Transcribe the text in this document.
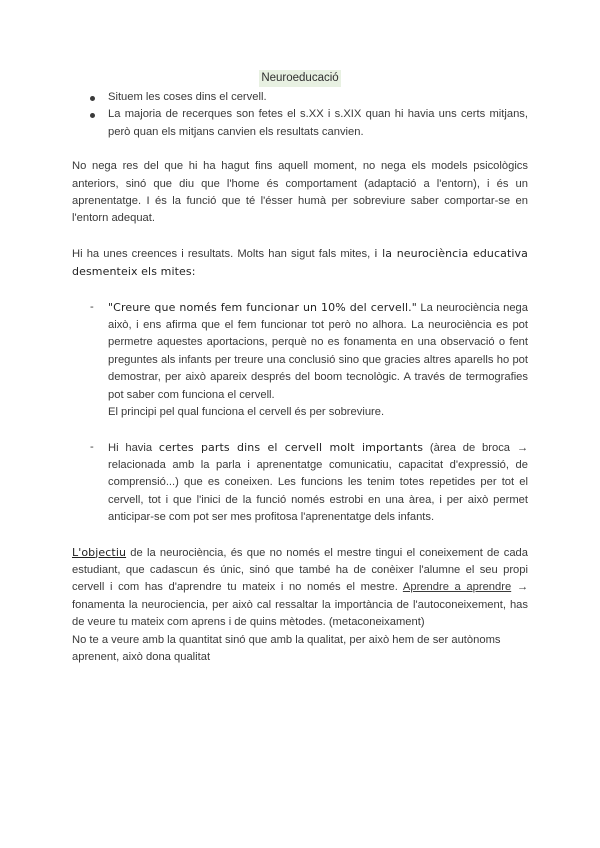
Neuroeducació
Situem les coses dins el cervell.
La majoria de recerques son fetes el s.XX i s.XIX quan hi havia uns certs mitjans, però quan els mitjans canvien els resultats canvien.

No nega res del que hi ha hagut fins aquell moment, no nega els models psicològics anteriors, sinó que diu que l'home és comportament (adaptació a l'entorn), i és un aprenentatge. I és la funció que té l'ésser humà per sobreviure saber comportar-se en l'entorn adequat.

Hi ha unes creences i resultats. Molts han sigut fals mites, i la neurociència educativa desmenteix els mites:

- "Creure que només fem funcionar un 10% del cervell." La neurociència nega això, i ens afirma que el fem funcionar tot però no alhora. La neurociència es pot permetre aquestes aportacions, perquè no es fonamenta en una observació o fent preguntes als infants per treure una conclusió sino que gracies altres aparells ho pot demostrar, per això apareix després del boom tecnològic. A través de termografies pot saber com funciona el cervell.
El principi pel qual funciona el cervell és per sobreviure.
- Hi havia certes parts dins el cervell molt importants (àrea de broca → relacionada amb la parla i aprenentatge comunicatiu, capacitat d'expressió, de comprensió...) que es coneixen. Les funcions les tenim totes repetides per tot el cervell, tot i que l'inici de la funció només estrobi en una àrea, i per això permet anticipar-se com pot ser mes profitosa l'aprenentatge dels infants.

L'objectiu de la neurociència, és que no només el mestre tingui el coneixement de cada estudiant, que cadascun és únic, sinó que també ha de conèixer l'alumne el seu propi cervell i com has d'aprendre tu mateix i no només el mestre. Aprendre a aprendre → fonamenta la neurociencia, per això cal ressaltar la importància de l'autoconeixement, has de veure tu mateix com aprens i de quins mètodes. (metaconeixament)

No te a veure amb la quantitat sinó que amb la qualitat, per això hem de ser autònoms aprenent, això dona qualitat
